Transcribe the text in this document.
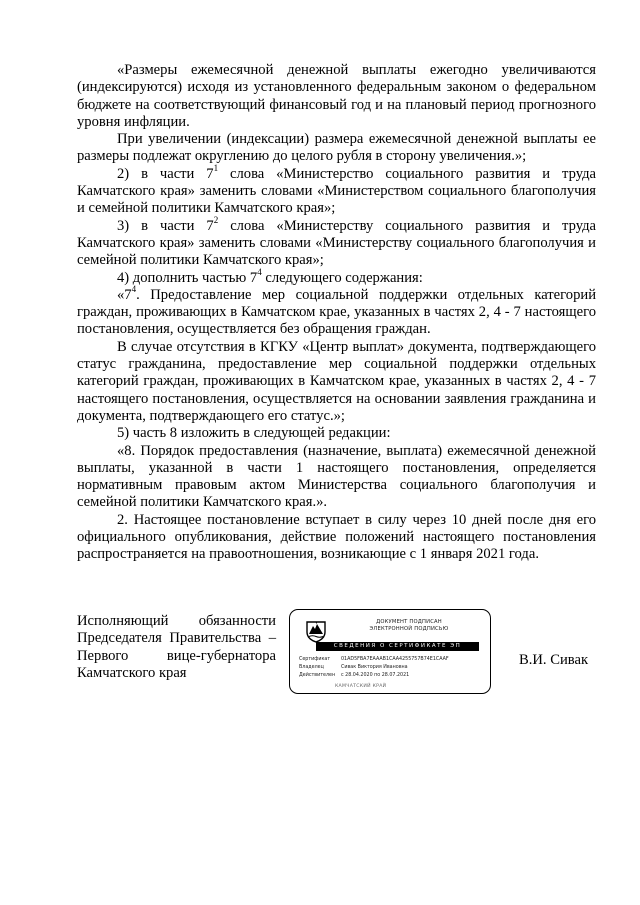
«Размеры ежемесячной денежной выплаты ежегодно увеличиваются (индексируются) исходя из установленного федеральным законом о федеральном бюджете на соответствующий финансовый год и на плановый период прогнозного уровня инфляции.

При увеличении (индексации) размера ежемесячной денежной выплаты ее размеры подлежат округлению до целого рубля в сторону увеличения.»;

2) в части $7^1$ слова «Министерство социального развития и труда Камчатского края» заменить словами «Министерством социального благополучия и семейной политики Камчатского края»;

3) в части $7^2$ слова «Министерству социального развития и труда Камчатского края» заменить словами «Министерству социального благополучия и семейной политики Камчатского края»;

4) дополнить частью $7^4$ следующего содержания:

«$7^4$. Предоставление мер социальной поддержки отдельных категорий граждан, проживающих в Камчатском крае, указанных в частях 2, 4 - 7 настоящего постановления, осуществляется без обращения граждан.

В случае отсутствия в КГКУ «Центр выплат» документа, подтверждающего статус гражданина, предоставление мер социальной поддержки отдельных категорий граждан, проживающих в Камчатском крае, указанных в частях 2, 4 - 7 настоящего постановления, осуществляется на основании заявления гражданина и документа, подтверждающего его статус.»;

5) часть 8 изложить в следующей редакции:

«8. Порядок предоставления (назначение, выплата) ежемесячной денежной выплаты, указанной в части 1 настоящего постановления, определяется нормативным правовым актом Министерства социального благополучия и семейной политики Камчатского края.».

2. Настоящее постановление вступает в силу через 10 дней после дня его официального опубликования, действие положений настоящего постановления распространяется на правоотношения, возникающие с 1 января 2021 года.

Исполняющий обязанности
Председателя Правительства –
Первого вице-губернатора
Камчатского края
ДОКУМЕНТ ПОДПИСАН
ЭЛЕКТРОННОЙ ПОДПИСЬЮ
СВЕДЕНИЯ О СЕРТИФИКАТЕ ЭП
Сертификат 01AD5FBA7EAAAB1CAA4255757B74E1CAAF
Владелец	Сивак Виктория Ивановна
Действителен с 28.04.2020 по 28.07.2021
КАМЧАТСКИЙ КРАЙ
В.И. Сивак
